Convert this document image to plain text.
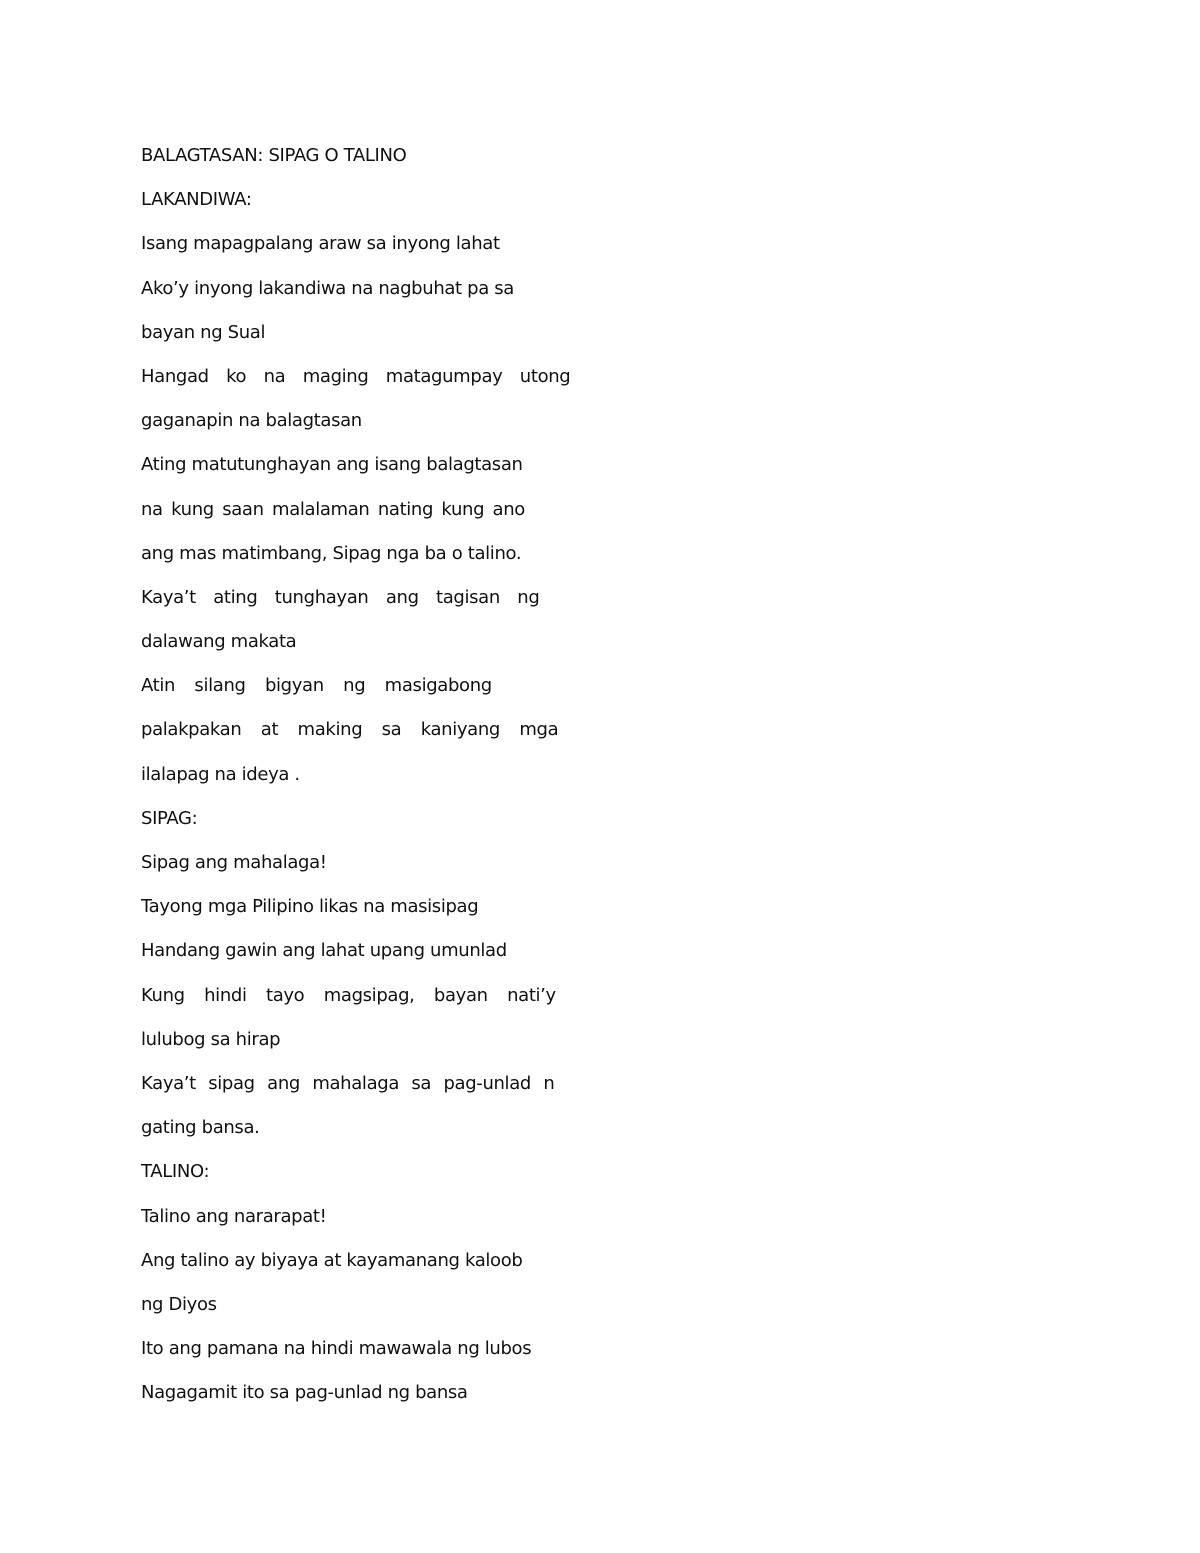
BALAGTASAN: SIPAG O TALINO
LAKANDIWA:
Isang mapagpalang araw sa inyong lahat
Ako’y inyong lakandiwa na nagbuhat pa sa
bayan ng Sual
Hangad ko na maging matagumpay utong
gaganapin na balagtasan
Ating matutunghayan ang isang balagtasan
na kung saan malalaman nating kung ano
ang mas matimbang, Sipag nga ba o talino.
Kaya’t ating tunghayan ang tagisan ng
dalawang makata
Atin silang bigyan ng masigabong
palakpakan at making sa kaniyang mga
ilalapag na ideya .
SIPAG:
Sipag ang mahalaga!
Tayong mga Pilipino likas na masisipag
Handang gawin ang lahat upang umunlad
Kung hindi tayo magsipag, bayan nati’y
lulubog sa hirap
Kaya’t sipag ang mahalaga sa pag-unlad n
gating bansa.
TALINO:
Talino ang nararapat!
Ang talino ay biyaya at kayamanang kaloob
ng Diyos
Ito ang pamana na hindi mawawala ng lubos
Nagagamit ito sa pag-unlad ng bansa
